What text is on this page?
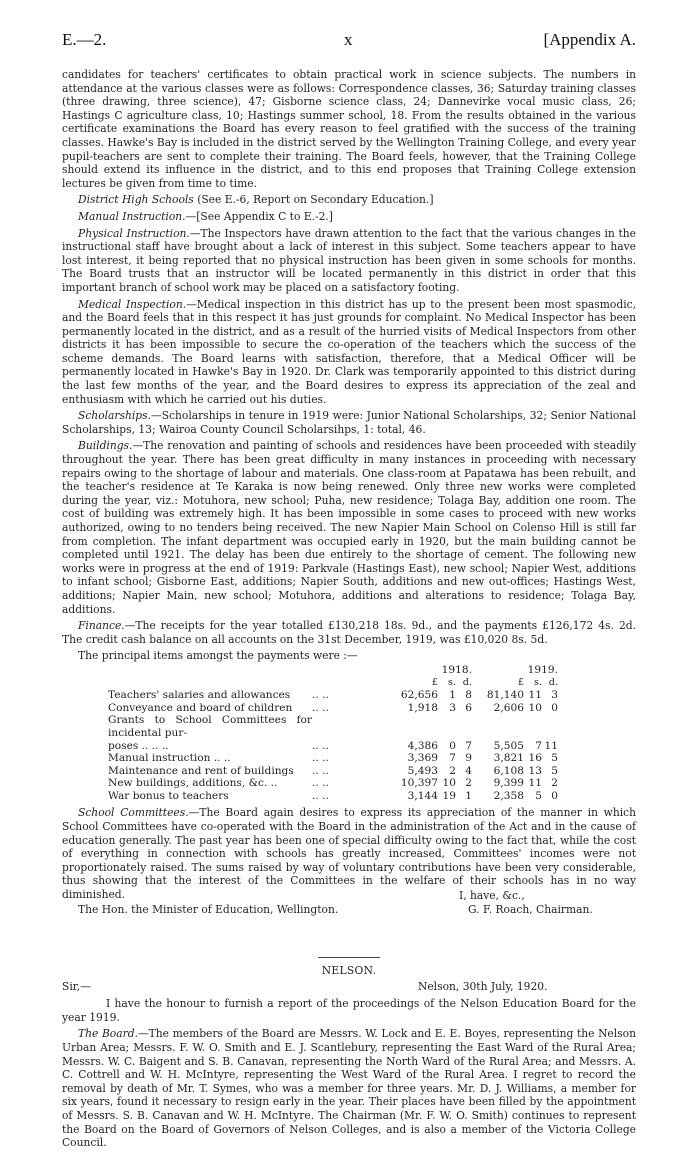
E.—2.	x	[Appendix A.

candidates for teachers' certificates to obtain practical work in science subjects. The numbers in attendance at the various classes were as follows: Correspondence classes, 36; Saturday training classes (three drawing, three science), 47; Gisborne science class, 24; Dannevirke vocal music class, 26; Hastings C agriculture class, 10; Hastings summer school, 18. From the results obtained in the various certificate examinations the Board has every reason to feel gratified with the success of the training classes. Hawke's Bay is included in the district served by the Wellington Training College, and every year pupil-teachers are sent to complete their training. The Board feels, however, that the Training College should extend its influence in the district, and to this end proposes that Training College extension lectures be given from time to time.

District High Schools (See E.-6, Report on Secondary Education.]

Manual Instruction.—[See Appendix C to E.-2.]

Physical Instruction.—The Inspectors have drawn attention to the fact that the various changes in the instructional staff have brought about a lack of interest in this subject. Some teachers appear to have lost interest, it being reported that no physical instruction has been given in some schools for months. The Board trusts that an instructor will be located permanently in this district in order that this important branch of school work may be placed on a satisfactory footing.

Medical Inspection.—Medical inspection in this district has up to the present been most spasmodic, and the Board feels that in this respect it has just grounds for complaint. No Medical Inspector has been permanently located in the district, and as a result of the hurried visits of Medical Inspectors from other districts it has been impossible to secure the co-operation of the teachers which the success of the scheme demands. The Board learns with satisfaction, therefore, that a Medical Officer will be permanently located in Hawke's Bay in 1920. Dr. Clark was temporarily appointed to this district during the last few months of the year, and the Board desires to express its appreciation of the zeal and enthusiasm with which he carried out his duties.

Scholarships.—Scholarships in tenure in 1919 were: Junior National Scholarships, 32; Senior National Scholarships, 13; Wairoa County Council Scholarsihps, 1: total, 46.

Buildings.—The renovation and painting of schools and residences have been proceeded with steadily throughout the year. There has been great difficulty in many instances in proceeding with necessary repairs owing to the shortage of labour and materials. One class-room at Papatawa has been rebuilt, and the teacher's residence at Te Karaka is now being renewed. Only three new works were completed during the year, viz.: Motuhora, new school; Puha, new residence; Tolaga Bay, addition one room. The cost of building was extremely high. It has been impossible in some cases to proceed with new works authorized, owing to no tenders being received. The new Napier Main School on Colenso Hill is still far from completion. The infant department was occupied early in 1920, but the main building cannot be completed until 1921. The delay has been due entirely to the shortage of cement. The following new works were in progress at the end of 1919: Parkvale (Hastings East), new school; Napier West, additions to infant school; Gisborne East, additions; Napier South, additions and new out-offices; Hastings West, additions; Napier Main, new school; Motuhora, additions and alterations to residence; Tolaga Bay, additions.

Finance.—The receipts for the year totalled £130,218 18s. 9d., and the payments £126,172 4s. 2d. The credit cash balance on all accounts on the 31st December, 1919, was £10,020 8s. 5d.

The principal items amongst the payments were :—

		1918.			1919.		
		£	s.	d.	£	s.	d.
Teachers' salaries and allowances	.. ..	62,656	1	8	81,140	11	3
Conveyance and board of children	.. ..	1,918	3	6	2,606	10	0
Grants to School Committees for incidental pur-							
poses .. .. ..	.. ..	4,386	0	7	5,505	7	11
Manual instruction .. ..	.. ..	3,369	7	9	3,821	16	5
Maintenance and rent of buildings	.. ..	5,493	2	4	6,108	13	5
New buildings, additions, &c. ..	.. ..	10,397	10	2	9,399	11	2
War bonus to teachers	.. ..	3,144	19	1	2,358	5	0

School Committees.—The Board again desires to express its appreciation of the manner in which School Committees have co-operated with the Board in the administration of the Act and in the cause of education generally. The past year has been one of special difficulty owing to the fact that, while the cost of everything in connection with schools has greatly increased, Committees' incomes were not proportionately raised. The sums raised by way of voluntary contributions have been very considerable, thus showing that the interest of the Committees in the welfare of their schools has in no way diminished.	I, have, &c.,
The Hon. the Minister of Education, Wellington.	G. F. Roach, Chairman.
NELSON.
Sir,—	Nelson, 30th July, 1920.

I have the honour to furnish a report of the proceedings of the Nelson Education Board for the year 1919.

The Board.—The members of the Board are Messrs. W. Lock and E. E. Boyes, representing the Nelson Urban Area; Messrs. F. W. O. Smith and E. J. Scantlebury, representing the East Ward of the Rural Area; Messrs. W. C. Baigent and S. B. Canavan, representing the North Ward of the Rural Area; and Messrs. A. C. Cottrell and W. H. McIntyre, representing the West Ward of the Rural Area. I regret to record the removal by death of Mr. T. Symes, who was a member for three years. Mr. D. J. Williams, a member for six years, found it necessary to resign early in the year. Their places have been filled by the appointment of Messrs. S. B. Canavan and W. H. McIntyre. The Chairman (Mr. F. W. O. Smith) continues to represent the Board on the Board of Governors of Nelson Colleges, and is also a member of the Victoria College Council.
